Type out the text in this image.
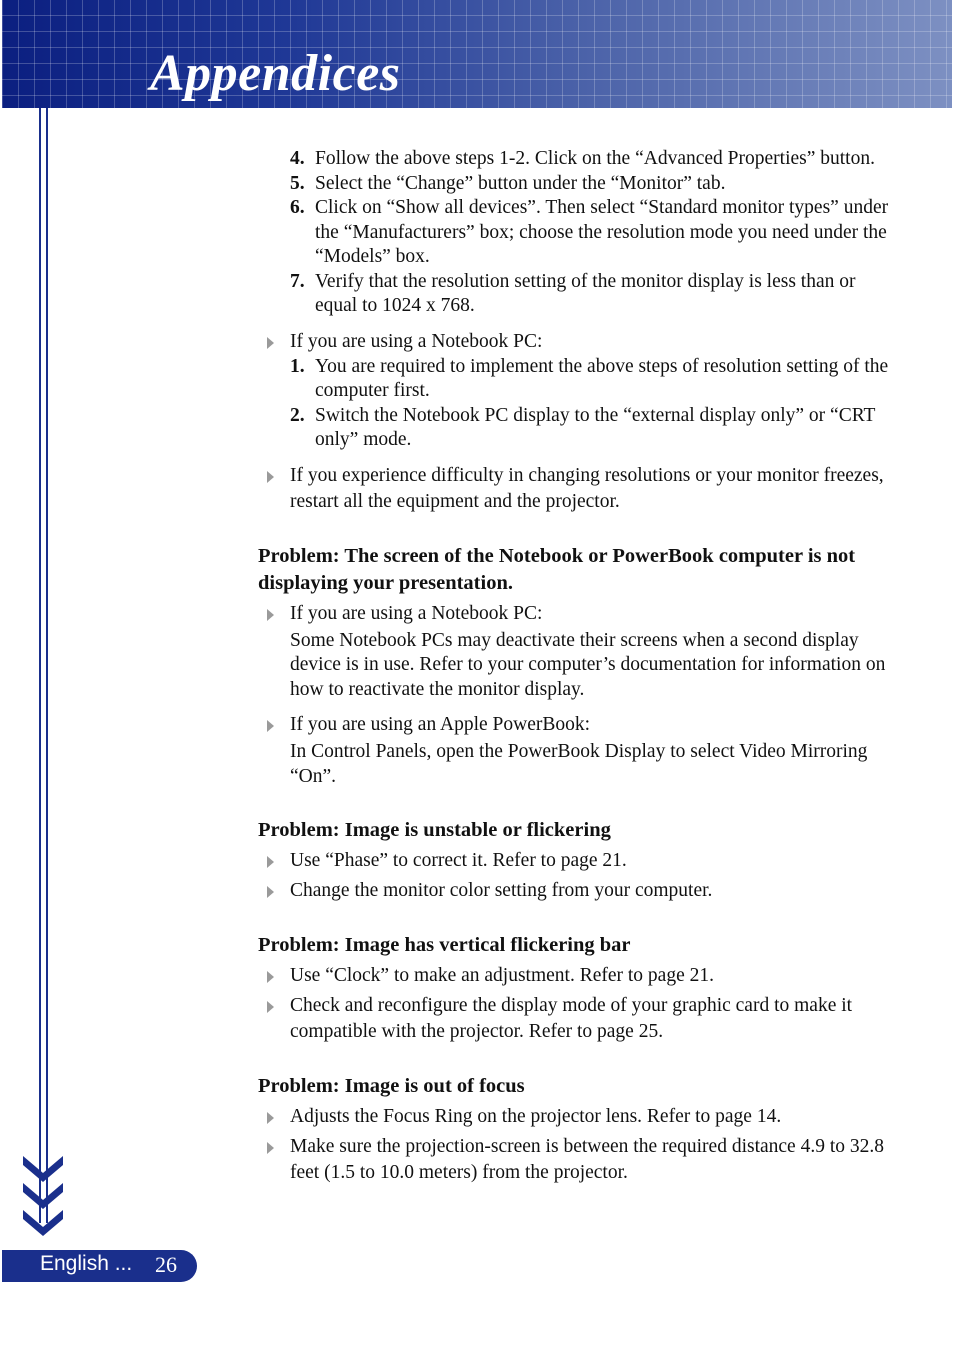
Appendices
English ... 26
4. Follow the above steps 1-2. Click on the “Advanced Properties” button.
5. Select the “Change” button under the “Monitor” tab.
6. Click on “Show all devices”. Then select “Standard monitor types” under the “Manufacturers” box; choose the resolution mode you need under the “Models” box.
7. Verify that the resolution setting of the monitor display is less than or equal to 1024 x 768.
If you are using a Notebook PC:
1. You are required to implement the above steps of resolution setting of the computer first.
2. Switch the Notebook PC display to the “external display only” or “CRT only” mode.
If you experience difficulty in changing resolutions or your monitor freezes, restart all the equipment and the projector.
Problem: The screen of the Notebook or PowerBook computer is not displaying your presentation.
If you are using a Notebook PC:
Some Notebook PCs may deactivate their screens when a second display device is in use. Refer to your computer’s documentation for information on how to reactivate the monitor display.
If you are using an Apple PowerBook:
In Control Panels, open the PowerBook Display to select Video Mirroring “On”.
Problem: Image is unstable or flickering
Use “Phase” to correct it. Refer to page 21.
Change the monitor color setting from your computer.
Problem: Image has vertical flickering bar
Use “Clock” to make an adjustment. Refer to page 21.
Check and reconfigure the display mode of your graphic card to make it compatible with the projector. Refer to page 25.
Problem: Image is out of focus
Adjusts the Focus Ring on the projector lens. Refer to page 14.
Make sure the projection-screen is between the required distance 4.9 to 32.8 feet (1.5 to 10.0 meters) from the projector.
